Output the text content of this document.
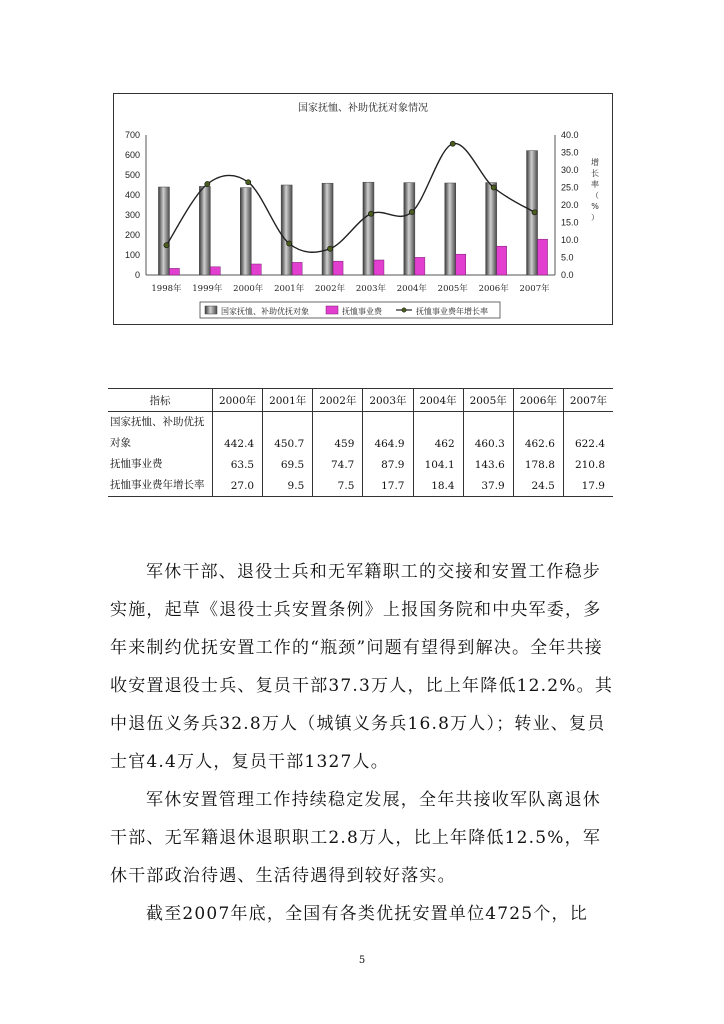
国家抚恤、补助优抚对象情况
0
100
200
300
400
500
600
700
0.0
5.0
10.0
15.0
20.0
25.0
30.0
35.0
40.0
增
长
率
（
%
）
1998年 1999年 2000年 2001年 2002年 2003年 2004年 2005年 2006年 2007年
国家抚恤、补助优抚对象	抚恤事业费	抚恤事业费年增长率
指标	2000年	2001年	2002年	2003年	2004年	2005年	2006年	2007年
国家抚恤、补助优抚对象	442.4	450.7	459	464.9	462	460.3	462.6	622.4
抚恤事业费	63.5	69.5	74.7	87.9	104.1	143.6	178.8	210.8
抚恤事业费年增长率	27.0	9.5	7.5	17.7	18.4	37.9	24.5	17.9

军休干部、退役士兵和无军籍职工的交接和安置工作稳步实施，起草《退役士兵安置条例》上报国务院和中央军委，多年来制约优抚安置工作的“瓶颈”问题有望得到解决。全年共接收安置退役士兵、复员干部37.3万人，比上年降低12.2%。其中退伍义务兵32.8万人（城镇义务兵16.8万人）；转业、复员士官4.4万人，复员干部1327人。

军休安置管理工作持续稳定发展，全年共接收军队离退休干部、无军籍退休退职职工2.8万人，比上年降低12.5%，军休干部政治待遇、生活待遇得到较好落实。

截至2007年底，全国有各类优抚安置单位4725个，比

5
